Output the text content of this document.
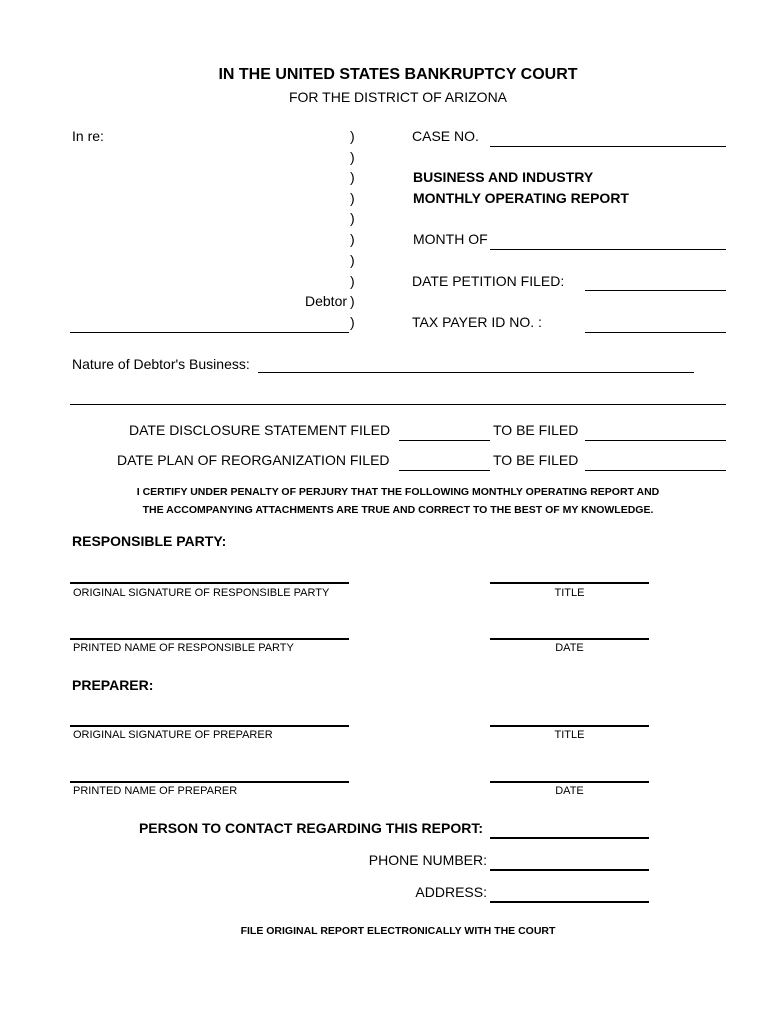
IN THE UNITED STATES BANKRUPTCY COURT
FOR THE DISTRICT OF ARIZONA
In re:	)
)
)
)
)
)
)
)
Debtor )
)
CASE NO.
BUSINESS AND INDUSTRY
MONTHLY OPERATING REPORT
MONTH OF
DATE PETITION FILED:
TAX PAYER ID NO. :
Nature of Debtor's Business:
DATE DISCLOSURE STATEMENT FILED	TO BE FILED
DATE PLAN OF REORGANIZATION FILED	TO BE FILED
I CERTIFY UNDER PENALTY OF PERJURY THAT THE FOLLOWING MONTHLY OPERATING REPORT AND
THE ACCOMPANYING ATTACHMENTS ARE TRUE AND CORRECT TO THE BEST OF MY KNOWLEDGE.
RESPONSIBLE PARTY:
ORIGINAL SIGNATURE OF RESPONSIBLE PARTY	TITLE
PRINTED NAME OF RESPONSIBLE PARTY	DATE
PREPARER:
ORIGINAL SIGNATURE OF PREPARER	TITLE
PRINTED NAME OF PREPARER	DATE
PERSON TO CONTACT REGARDING THIS REPORT:
PHONE NUMBER:
ADDRESS:
FILE ORIGINAL REPORT ELECTRONICALLY WITH THE COURT
